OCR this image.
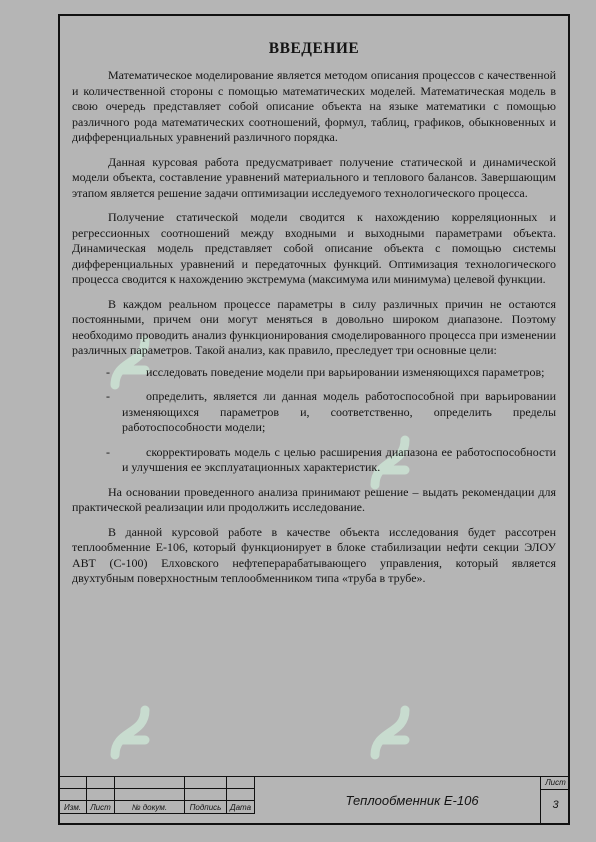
ВВЕДЕНИЕ

Математическое моделирование является методом описания процессов с качественной и количественной стороны с помощью математических моделей. Математическая модель в свою очередь представляет собой описание объекта на языке математики с помощью различного рода математических соотношений, формул, таблиц, графиков, обыкновенных и дифференциальных уравнений различного порядка.

Данная курсовая работа предусматривает получение статической и динамической модели объекта, составление уравнений материального и теплового балансов. Завершающим этапом является решение задачи оптимизации исследуемого технологического процесса.

Получение статической модели сводится к нахождению корреляционных и регрессионных соотношений между входными и выходными параметрами объекта. Динамическая модель представляет собой описание объекта с помощью системы дифференциальных уравнений и передаточных функций. Оптимизация технологического процесса сводится к нахождению экстремума (максимума или минимума) целевой функции.

В каждом реальном процессе параметры в силу различных причин не остаются постоянными, причем они могут меняться в довольно широком диапазоне. Поэтому необходимо проводить анализ функционирования смоделированного процесса при изменении различных параметров. Такой анализ, как правило, преследует три основные цели:

-	исследовать поведение модели при варьировании изменяющихся параметров;
-	определить, является ли данная модель работоспособной при варьировании изменяющихся параметров и, соответственно, определить пределы работоспособности модели;
-	скорректировать модель с целью расширения диапазона ее работоспособности и улучшения ее эксплуатационных характеристик.

На основании проведенного анализа принимают решение – выдать рекомендации для практической реализации или продолжить исследование.

В данной курсовой работе в качестве объекта исследования будет рассотрен теплообменние Е-106, который функционирует в блоке стабилизации нефти секции ЭЛОУ АВТ (С-100) Елховского нефтеперарабатывающего управления, который является двухтубным поверхностным теплообменником типа «труба в трубе».

Изм.	Лист	№ докум.	Подпись	Дата	Теплообменник Е-106
Лист
3
